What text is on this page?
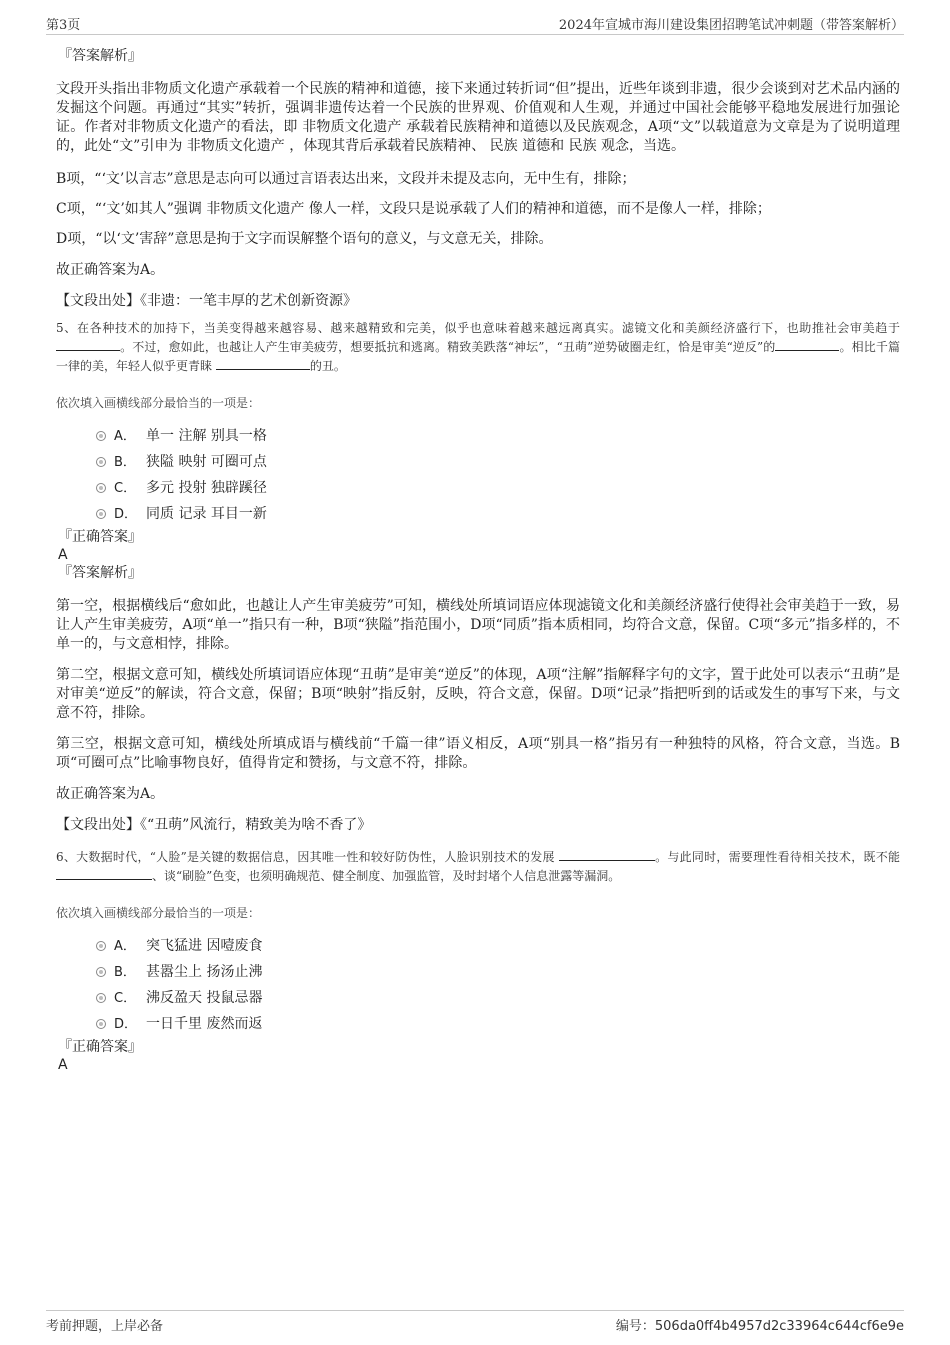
第3页	2024年宣城市海川建设集团招聘笔试冲刺题（带答案解析）

『答案解析』

文段开头指出非物质文化遗产承载着一个民族的精神和道德，接下来通过转折词“但”提出，近些年谈到非遗，很少会谈到对艺术品内涵的发掘这个问题。再通过“其实”转折，强调非遗传达着一个民族的世界观、价值观和人生观，并通过中国社会能够平稳地发展进行加强论证。作者对非物质文化遗产的看法，即 非物质文化遗产 承载着民族精神和道德以及民族观念，A项“文”以载道意为文章是为了说明道理的，此处“文”引申为 非物质文化遗产 ，体现其背后承载着民族精神、 民族 道德和 民族 观念，当选。

B项，“‘文’以言志”意思是志向可以通过言语表达出来，文段并未提及志向，无中生有，排除；

C项，“‘文’如其人”强调 非物质文化遗产 像人一样，文段只是说承载了人们的精神和道德，而不是像人一样，排除；

D项，“以‘文’害辞”意思是拘于文字而误解整个语句的意义，与文意无关，排除。

故正确答案为A。

【文段出处】《非遗：一笔丰厚的艺术创新资源》

5、在各种技术的加持下，当美变得越来越容易、越来越精致和完美，似乎也意味着越来越远离真实。滤镜文化和美颜经济盛行下，也助推社会审美趋于 。不过，愈如此，也越让人产生审美疲劳，想要抵抗和逃离。精致美跌落“神坛”，“丑萌”逆势破圈走红，恰是审美“逆反”的	。相比千篇一律的美，年轻人似乎更青睐	的丑。

依次填入画横线部分最恰当的一项是：

A． 单一 注解 别具一格
B． 狭隘 映射 可圈可点
C． 多元 投射 独辟蹊径
D． 同质 记录 耳目一新

『正确答案』

A

『答案解析』

第一空，根据横线后“愈如此，也越让人产生审美疲劳”可知，横线处所填词语应体现滤镜文化和美颜经济盛行使得社会审美趋于一致，易让人产生审美疲劳，A项“单一”指只有一种，B项“狭隘”指范围小，D项“同质”指本质相同，均符合文意，保留。C项“多元”指多样的，不单一的，与文意相悖，排除。

第二空，根据文意可知，横线处所填词语应体现“丑萌”是审美“逆反”的体现，A项“注解”指解释字句的文字，置于此处可以表示“丑萌”是对审美“逆反”的解读，符合文意，保留；B项“映射”指反射，反映，符合文意，保留。D项“记录”指把听到的话或发生的事写下来，与文意不符，排除。

第三空，根据文意可知，横线处所填成语与横线前“千篇一律”语义相反，A项“别具一格”指另有一种独特的风格，符合文意，当选。B项“可圈可点”比喻事物良好，值得肯定和赞扬，与文意不符，排除。

故正确答案为A。

【文段出处】《“丑萌”风流行，精致美为啥不香了》

6、大数据时代，“人脸”是关键的数据信息，因其唯一性和较好防伪性，人脸识别技术的发展	。与此同时，需要理性看待相关技术，既不能 、谈“刷脸”色变，也须明确规范、健全制度、加强监管，及时封堵个人信息泄露等漏洞。

依次填入画横线部分最恰当的一项是：

A． 突飞猛进 因噎废食
B． 甚嚣尘上 扬汤止沸
C． 沸反盈天 投鼠忌器
D． 一日千里 废然而返

『正确答案』

A

考前押题，上岸必备	编号：506da0ff4b4957d2c33964c644cf6e9e
